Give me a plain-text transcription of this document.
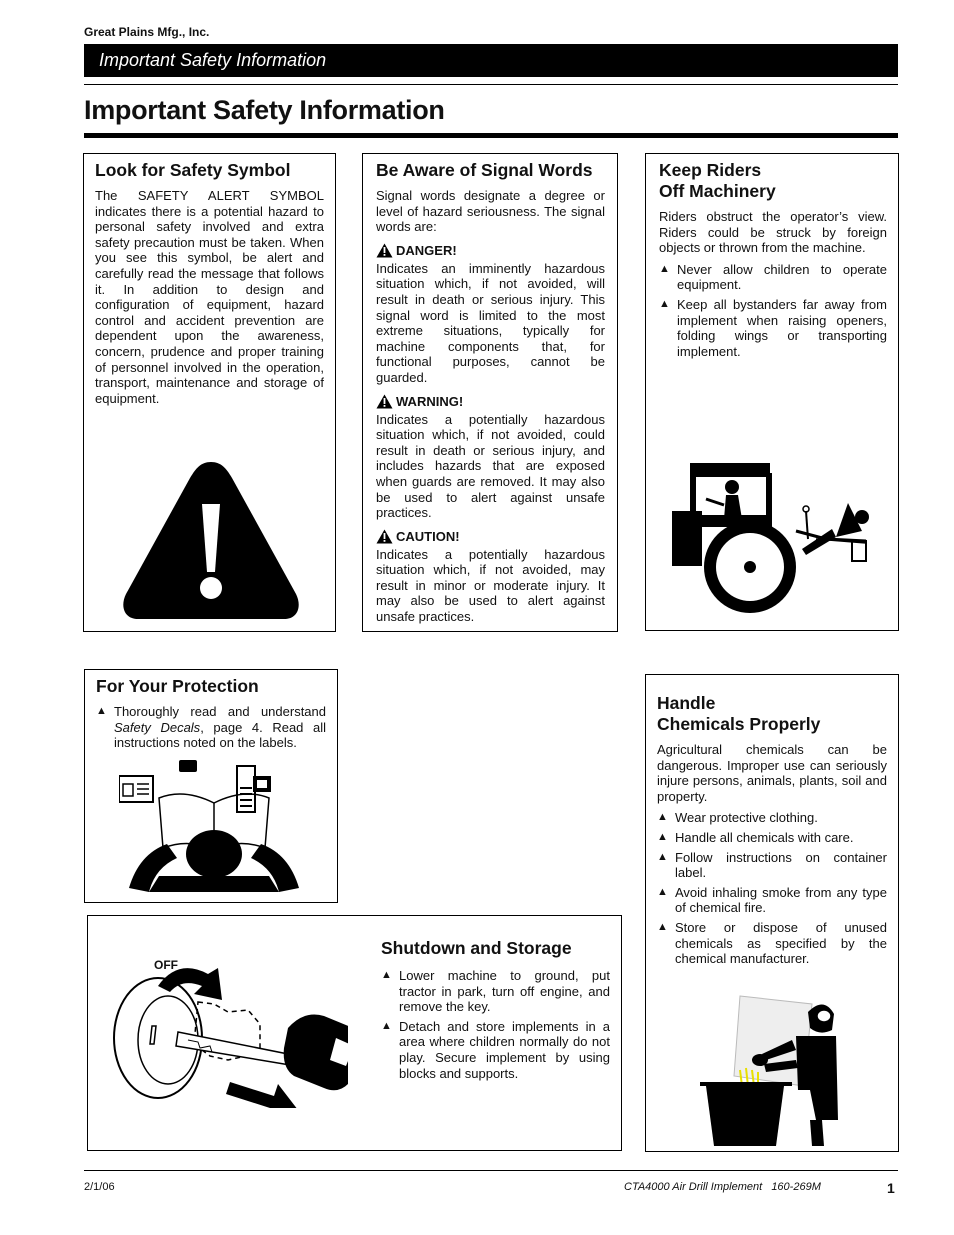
Great Plains Mfg., Inc.
Important Safety Information
Important Safety Information
Look for Safety Symbol

The SAFETY ALERT SYMBOL indicates there is a potential hazard to personal safety involved and extra safety precaution must be taken. When you see this symbol, be alert and carefully read the message that follows it. In addition to design and configuration of equipment, hazard control and accident prevention are dependent upon the awareness, concern, prudence and proper training of personnel involved in the operation, transport, maintenance and storage of equipment.

Be Aware of Signal Words

Signal words designate a degree or level of hazard seriousness. The signal words are:

DANGER!

Indicates an imminently hazardous situation which, if not avoided, will result in death or serious injury. This signal word is limited to the most extreme situations, typically for machine components that, for functional purposes, cannot be guarded.

WARNING!

Indicates a potentially hazardous situation which, if not avoided, could result in death or serious injury, and includes hazards that are exposed when guards are removed. It may also be used to alert against unsafe practices.

CAUTION!

Indicates a potentially hazardous situation which, if not avoided, may result in minor or moderate injury. It may also be used to alert against unsafe practices.

Keep Riders
Off Machinery

Riders obstruct the operator’s view. Riders could be struck by foreign objects or thrown from the machine.

▲ Never allow children to operate equipment.

▲ Keep all bystanders far away from implement when raising openers, folding wings or transporting implement.

For Your Protection

▲ Thoroughly read and understand Safety Decals, page 4. Read all instructions noted on the labels.

Handle
Chemicals Properly

Agricultural chemicals can be dangerous. Improper use can seriously injure persons, animals, plants, soil and property.

▲ Wear protective clothing.

▲ Handle all chemicals with care.

▲ Follow instructions on container label.

▲ Avoid inhaling smoke from any type of chemical fire.

▲ Store or dispose of unused chemicals as specified by the chemical manufacturer.

OFF
Shutdown and Storage

▲ Lower machine to ground, put tractor in park, turn off engine, and remove the key.

▲ Detach and store implements in a area where children normally do not play. Secure implement by using blocks and supports.

2/1/06	CTA4000 Air Drill Implement   160-269M	1
